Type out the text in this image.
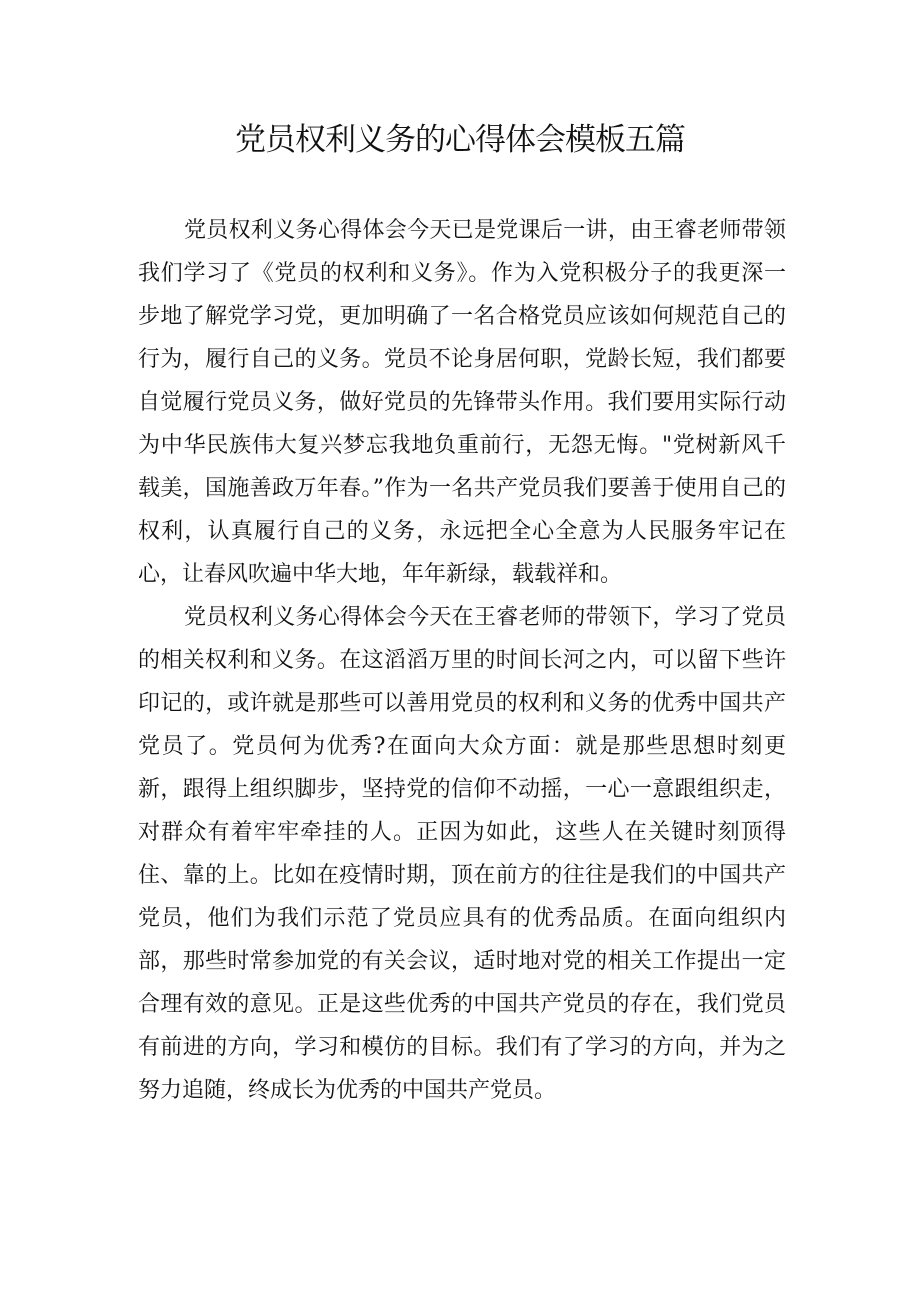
党员权利义务的心得体会模板五篇

党员权利义务心得体会今天已是党课后一讲，由王睿老师带领我们学习了《党员的权利和义务》。作为入党积极分子的我更深一步地了解党学习党，更加明确了一名合格党员应该如何规范自己的行为，履行自己的义务。党员不论身居何职，党龄长短，我们都要自觉履行党员义务，做好党员的先锋带头作用。我们要用实际行动为中华民族伟大复兴梦忘我地负重前行，无怨无悔。"党树新风千载美，国施善政万年春。”作为一名共产党员我们要善于使用自己的权利，认真履行自己的义务，永远把全心全意为人民服务牢记在心，让春风吹遍中华大地，年年新绿，载载祥和。

党员权利义务心得体会今天在王睿老师的带领下，学习了党员的相关权利和义务。在这滔滔万里的时间长河之内，可以留下些许印记的，或许就是那些可以善用党员的权利和义务的优秀中国共产党员了。党员何为优秀?在面向大众方面：就是那些思想时刻更新，跟得上组织脚步，坚持党的信仰不动摇，一心一意跟组织走，对群众有着牢牢牵挂的人。正因为如此，这些人在关键时刻顶得住、靠的上。比如在疫情时期，顶在前方的往往是我们的中国共产党员，他们为我们示范了党员应具有的优秀品质。在面向组织内部，那些时常参加党的有关会议，适时地对党的相关工作提出一定合理有效的意见。正是这些优秀的中国共产党员的存在，我们党员有前进的方向，学习和模仿的目标。我们有了学习的方向，并为之努力追随，终成长为优秀的中国共产党员。
